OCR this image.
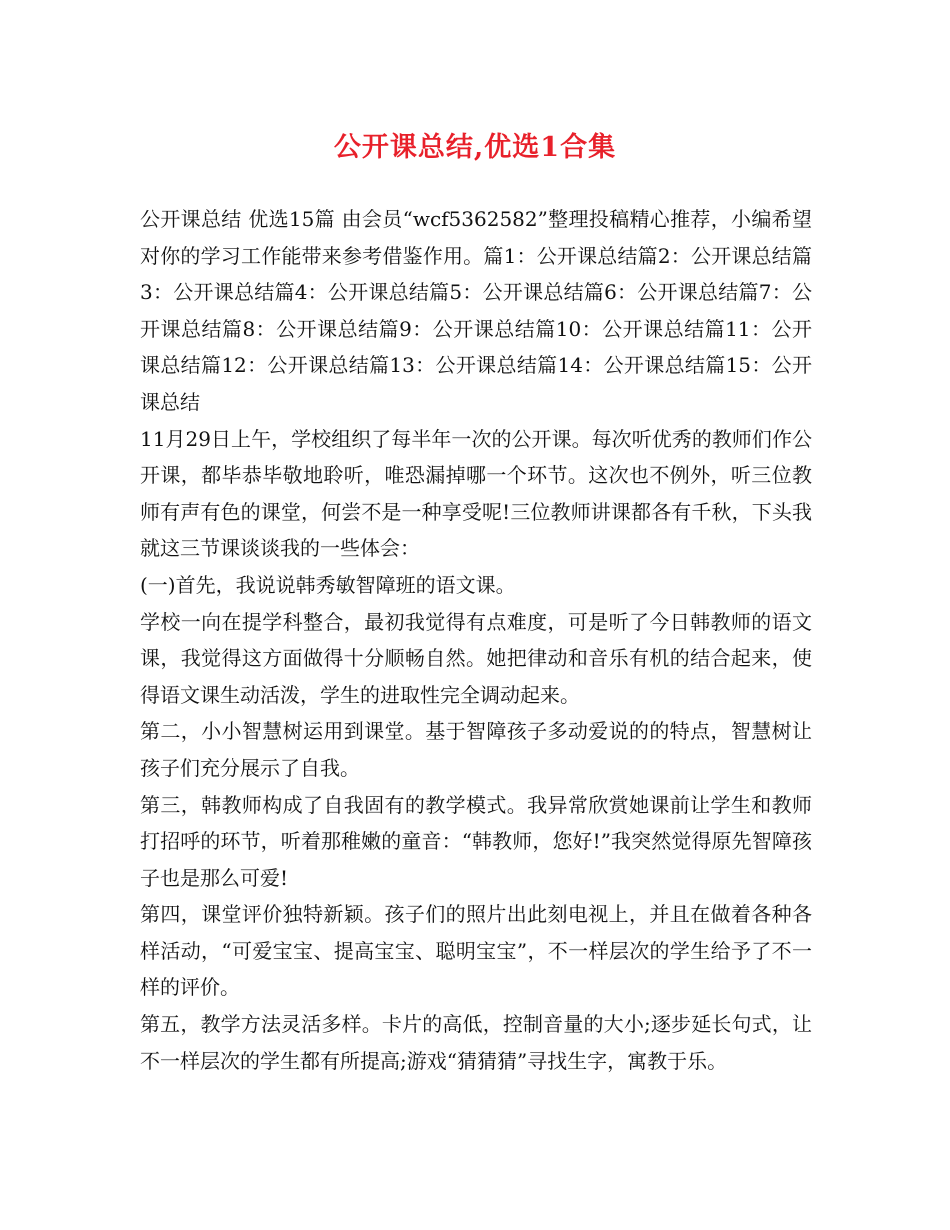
公开课总结,优选1合集

公开课总结 优选15篇 由会员“wcf5362582”整理投稿精心推荐，小编希望对你的学习工作能带来参考借鉴作用。篇1：公开课总结篇2：公开课总结篇3：公开课总结篇4：公开课总结篇5：公开课总结篇6：公开课总结篇7：公开课总结篇8：公开课总结篇9：公开课总结篇10：公开课总结篇11：公开课总结篇12：公开课总结篇13：公开课总结篇14：公开课总结篇15：公开课总结

11月29日上午，学校组织了每半年一次的公开课。每次听优秀的教师们作公开课，都毕恭毕敬地聆听，唯恐漏掉哪一个环节。这次也不例外，听三位教师有声有色的课堂，何尝不是一种享受呢!三位教师讲课都各有千秋，下头我就这三节课谈谈我的一些体会：

(一)首先，我说说韩秀敏智障班的语文课。

学校一向在提学科整合，最初我觉得有点难度，可是听了今日韩教师的语文课，我觉得这方面做得十分顺畅自然。她把律动和音乐有机的结合起来，使得语文课生动活泼，学生的进取性完全调动起来。

第二，小小智慧树运用到课堂。基于智障孩子多动爱说的的特点，智慧树让孩子们充分展示了自我。

第三，韩教师构成了自我固有的教学模式。我异常欣赏她课前让学生和教师打招呼的环节，听着那稚嫩的童音：“韩教师，您好!”我突然觉得原先智障孩子也是那么可爱!

第四，课堂评价独特新颖。孩子们的照片出此刻电视上，并且在做着各种各样活动，“可爱宝宝、提高宝宝、聪明宝宝”，不一样层次的学生给予了不一样的评价。

第五，教学方法灵活多样。卡片的高低，控制音量的大小;逐步延长句式，让不一样层次的学生都有所提高;游戏“猜猜猜”寻找生字，寓教于乐。
